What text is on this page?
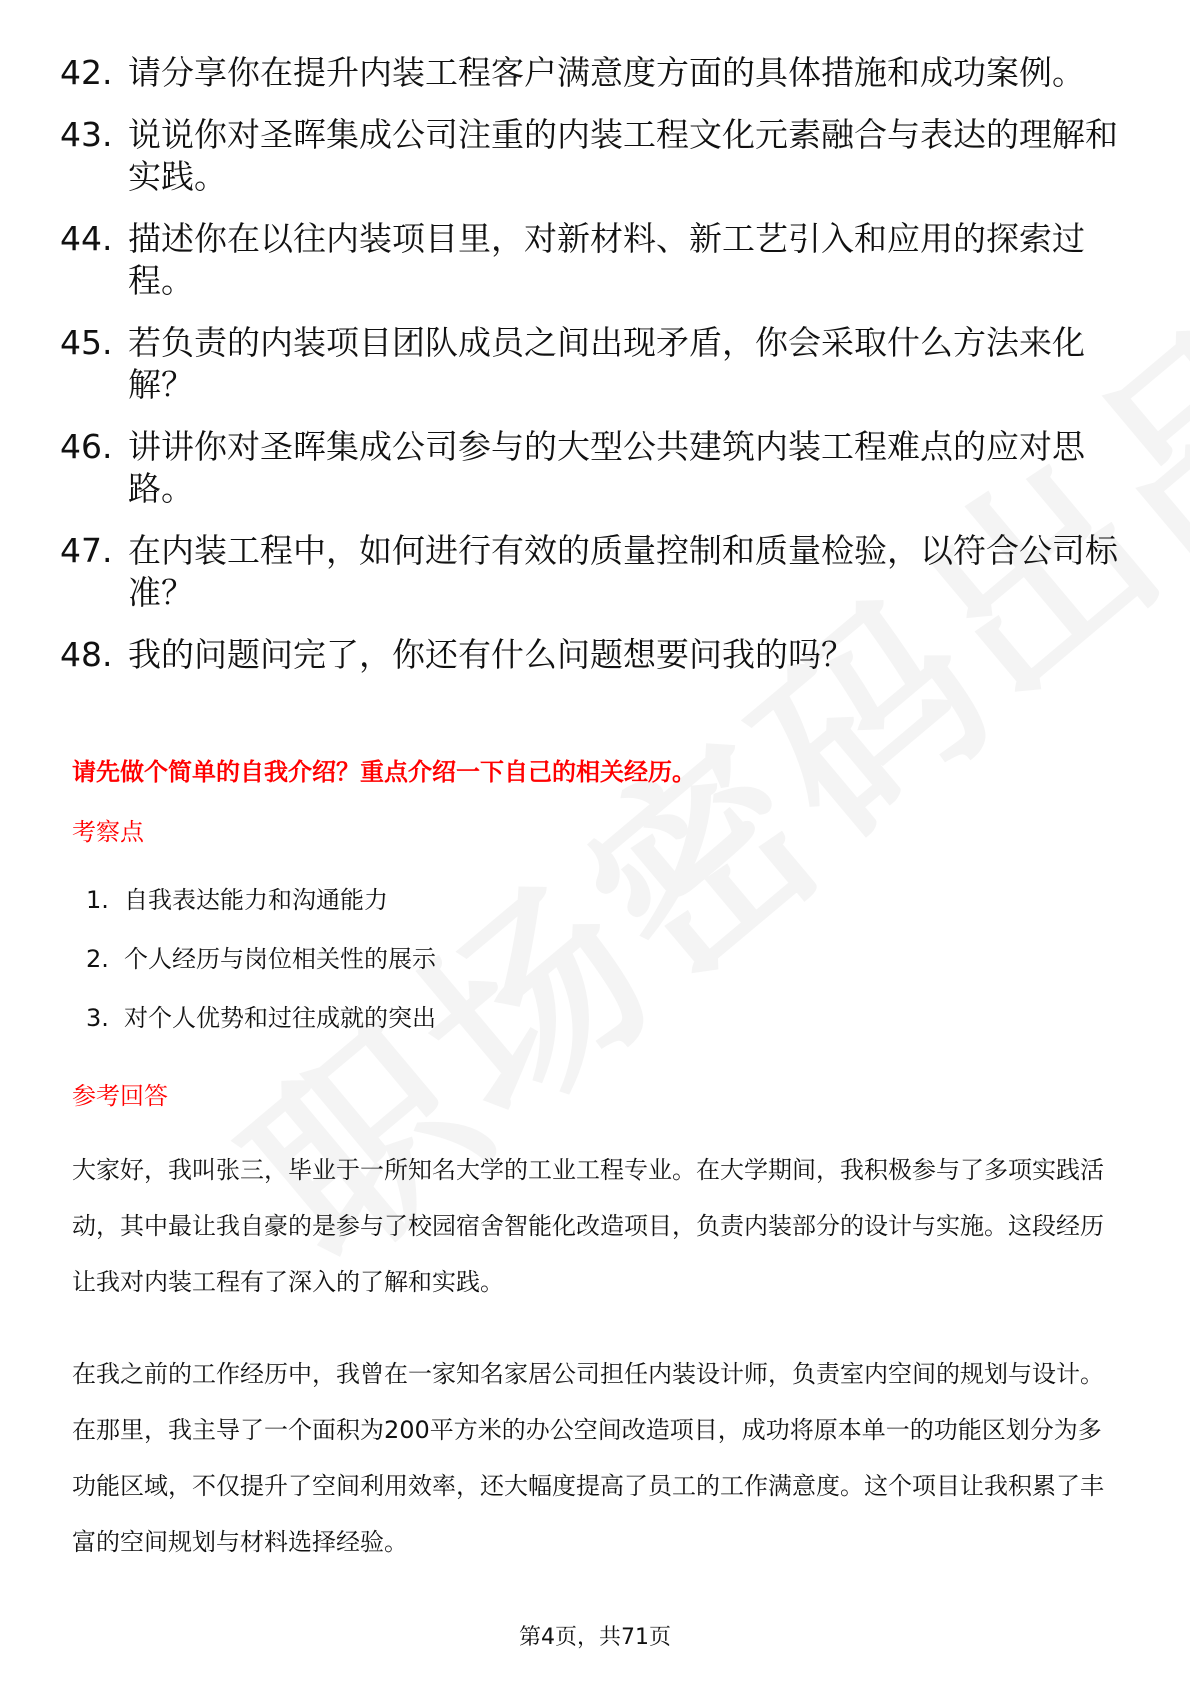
42. 请分享你在提升内装工程客户满意度方面的具体措施和成功案例。
43. 说说你对圣晖集成公司注重的内装工程文化元素融合与表达的理解和实践。
44. 描述你在以往内装项目里，对新材料、新工艺引入和应用的探索过程。
45. 若负责的内装项目团队成员之间出现矛盾，你会采取什么方法来化解？
46. 讲讲你对圣晖集成公司参与的大型公共建筑内装工程难点的应对思路。
47. 在内装工程中，如何进行有效的质量控制和质量检验，以符合公司标准？
48. 我的问题问完了，你还有什么问题想要问我的吗？
请先做个简单的自我介绍？重点介绍一下自己的相关经历。
考察点
1. 自我表达能力和沟通能力
2. 个人经历与岗位相关性的展示
3. 对个人优势和过往成就的突出
参考回答

大家好，我叫张三，毕业于一所知名大学的工业工程专业。在大学期间，我积极参与了多项实践活动，其中最让我自豪的是参与了校园宿舍智能化改造项目，负责内装部分的设计与实施。这段经历让我对内装工程有了深入的了解和实践。

在我之前的工作经历中，我曾在一家知名家居公司担任内装设计师，负责室内空间的规划与设计。在那里，我主导了一个面积为200平方米的办公空间改造项目，成功将原本单一的功能区划分为多功能区域，不仅提升了空间利用效率，还大幅度提高了员工的工作满意度。这个项目让我积累了丰富的空间规划与材料选择经验。

第4页，共71页
